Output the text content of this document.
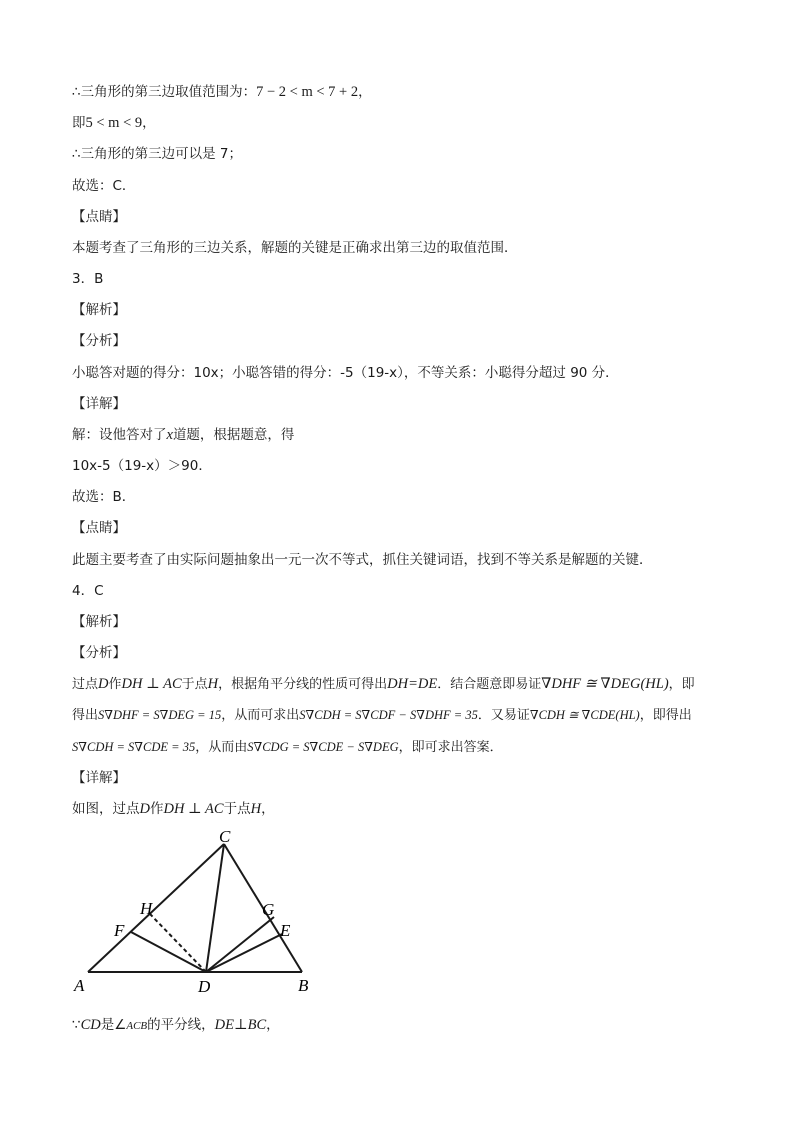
∴三角形的第三边取值范围为：7 − 2 < m < 7 + 2，
即5 < m < 9，
∴三角形的第三边可以是 7；
故选：C．
【点睛】
本题考查了三角形的三边关系，解题的关键是正确求出第三边的取值范围．
3．B
【解析】
【分析】
小聪答对题的得分：10x；小聪答错的得分：-5（19-x），不等关系：小聪得分超过 90 分．
【详解】
解：设他答对了x道题，根据题意，得
10x-5（19-x）＞90．
故选：B．
【点睛】
此题主要考查了由实际问题抽象出一元一次不等式，抓住关键词语，找到不等关系是解题的关键．
4．C
【解析】
【分析】
过点D作DH ⊥ AC于点H，根据角平分线的性质可得出DH=DE．结合题意即易证∇DHF ≅ ∇DEG(HL)，即
得出S∇DHF = S∇DEG = 15，从而可求出S∇CDH = S∇CDF − S∇DHF = 35．又易证∇CDH ≅ ∇CDE(HL)，即得出
S∇CDH = S∇CDE = 35，从而由S∇CDG = S∇CDE − S∇DEG，即可求出答案．
【详解】
如图，过点D作DH ⊥ AC于点H，
C
H	G
F	E
A	D	B
∵CD是∠ACB的平分线，DE⊥BC，
